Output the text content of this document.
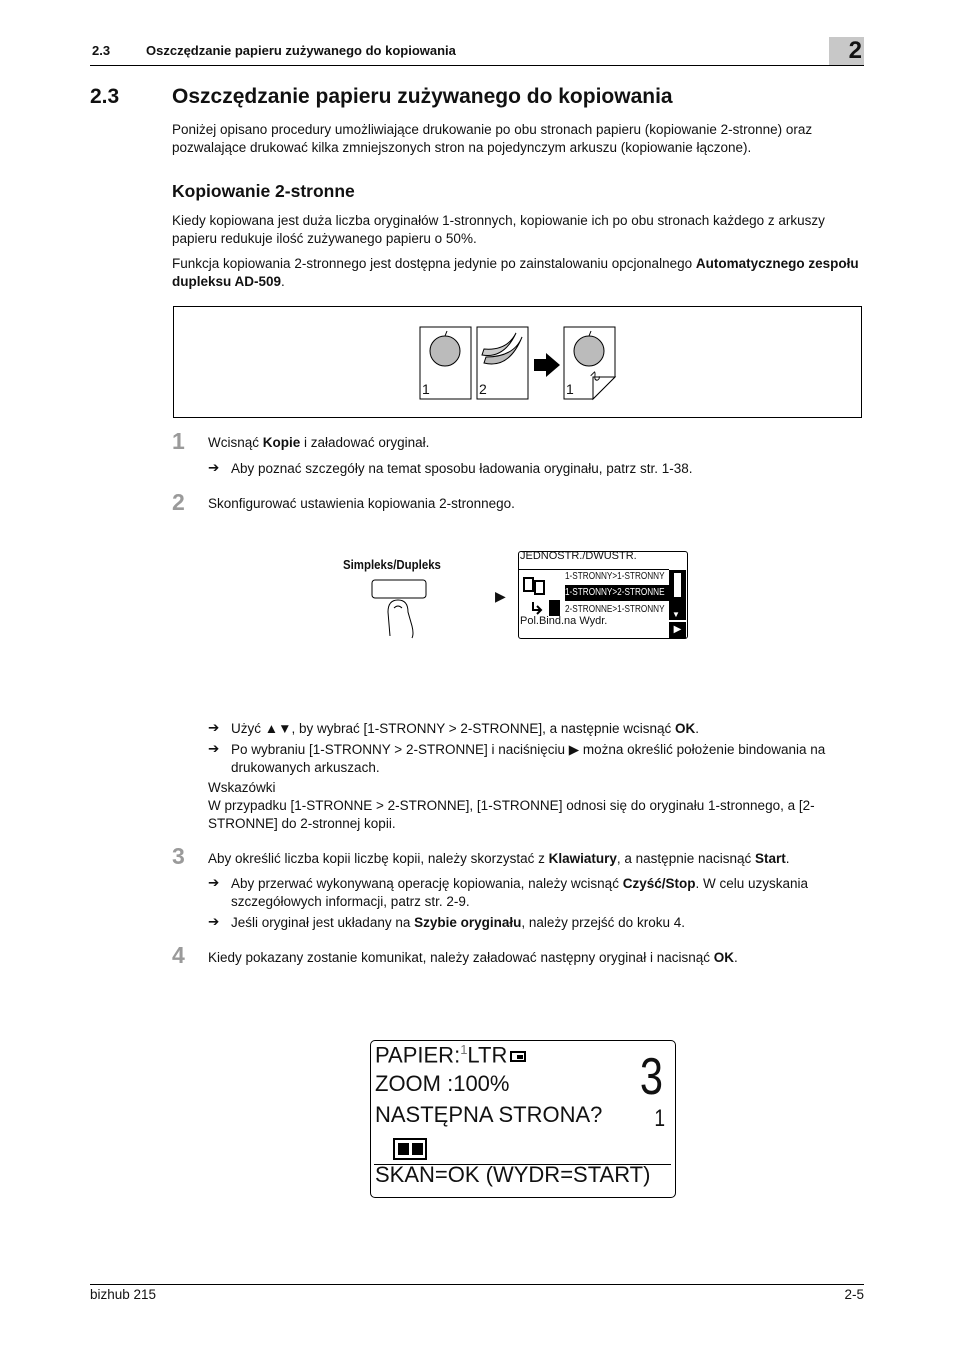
2.3	Oszczędzanie papieru zużywanego do kopiowania	2
2.3	Oszczędzanie papieru zużywanego do kopiowania
Poniżej opisano procedury umożliwiające drukowanie po obu stronach papieru (kopiowanie 2-stronne) oraz pozwalające drukować kilka zmniejszonych stron na pojedynczym arkuszu (kopiowanie łączone).
Kopiowanie 2-stronne
Kiedy kopiowana jest duża liczba oryginałów 1-stronnych, kopiowanie ich po obu stronach każdego z arkuszy papieru redukuje ilość zużywanego papieru o 50%.
Funkcja kopiowania 2-stronnego jest dostępna jedynie po zainstalowaniu opcjonalnego Automatycznego zespołu dupleksu AD-509.
1	2	1
2
1 Wcisnąć Kopie i załadować oryginał.
➔ Aby poznać szczegóły na temat sposobu ładowania oryginału, patrz str. 1-38.
2 Skonfigurować ustawienia kopiowania 2-stronnego.
Simpleks/Dupleks
▶
JEDNOSTR./DWUSTR.
1-STRONNY>1-STRONNY
1-STRONNY>2-STRONNE
2-STRONNE>1-STRONNY ▼
Pol.Bind.na Wydr.
▶
➔ Użyć ▲▼, by wybrać [1-STRONNY > 2-STRONNE], a następnie wcisnąć OK.
➔ Po wybraniu [1-STRONNY > 2-STRONNE] i naciśnięciu ▶ można określić położenie bindowania na drukowanych arkuszach.
Wskazówki
W przypadku [1-STRONNE > 2-STRONNE], [1-STRONNE] odnosi się do oryginału 1-stronnego, a [2-STRONNE] do 2-stronnej kopii.
3 Aby określić liczba kopii liczbę kopii, należy skorzystać z Klawiatury, a następnie nacisnąć Start.
➔ Aby przerwać wykonywaną operację kopiowania, należy wcisnąć Czyść/Stop. W celu uzyskania szczegółowych informacji, patrz str. 2-9.
➔ Jeśli oryginał jest układany na Szybie oryginału, należy przejść do kroku 4.
4 Kiedy pokazany zostanie komunikat, należy załadować następny oryginał i nacisnąć OK.
PAPIER:$^1$LTR
ZOOM :100%
NASTĘPNA STRONA?
SKAN=OK (WYDR=START)
3
1
bizhub 215	2-5
